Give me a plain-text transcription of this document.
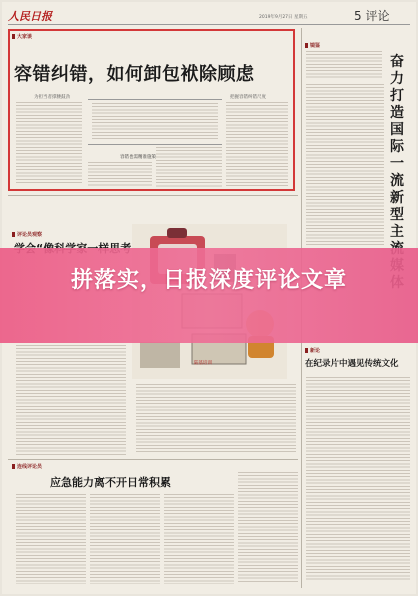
人民日报	2019年9月27日 星期五	5 评论
大家谈
容错纠错，如何卸包袱除顾虑
为担当者撑腰鼓劲	把握容错纠错尺度
容错也需精准施策
镜鉴
奋力打造国际一流新型主
新论
在纪录片中遇见传统文化
评论员观察
陆基培训
连线评论员
应急能力离不开日常积累
拼落实，日报深度评论文章
